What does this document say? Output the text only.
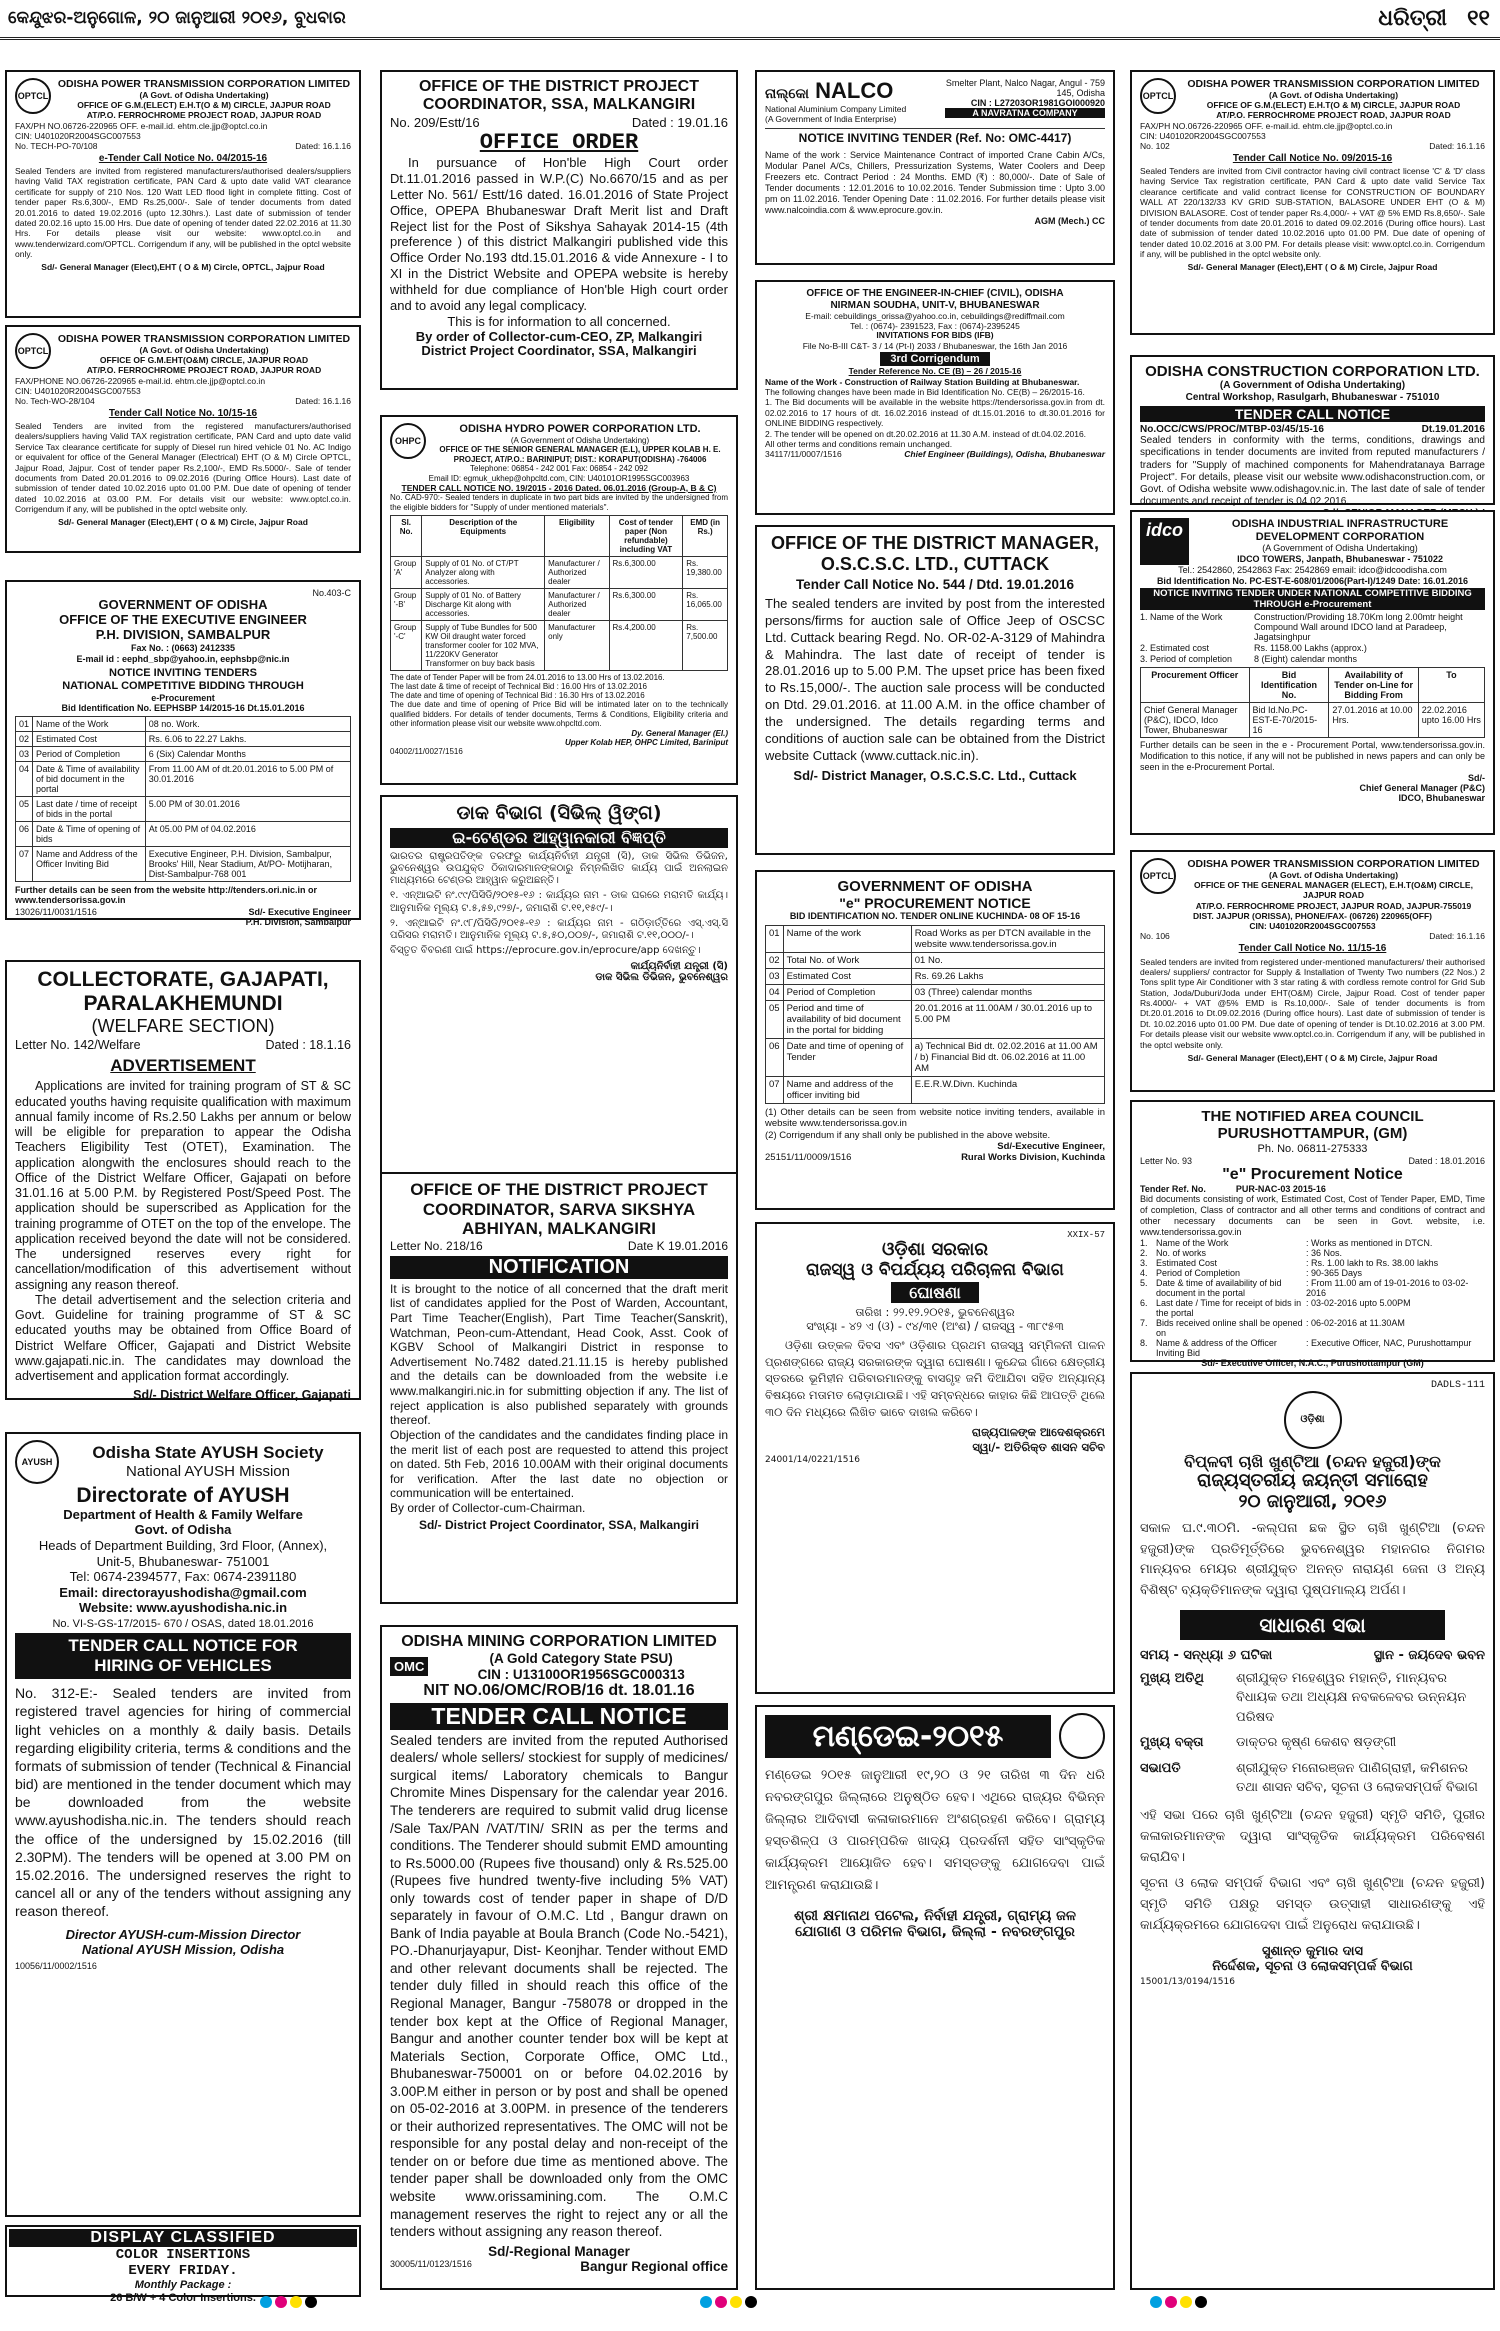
କେନ୍ଦୁଝର-ଅନୁଗୋଳ, ୨୦ ଜାନୁଆରୀ ୨୦୧୬, ବୁଧବାର	ଧରିତ୍ରୀ ୧୧
OPTCL
ODISHA POWER TRANSMISSION CORPORATION LIMITED
(A Govt. of Odisha Undertaking)
OFFICE OF G.M.(ELECT) E.H.T(O & M) CIRCLE, JAJPUR ROAD
AT/P.O. FERROCHROME PROJECT ROAD, JAJPUR ROAD
FAX/PH NO.06726-220965 OFF. e-mail.id. ehtm.cle.jjp@optcl.co.in
CIN: U401020R2004SGC007553
No. TECH-PO-70/108	Dated: 16.1.16
e-Tender Call Notice No. 04/2015-16
Sealed Tenders are invited from registered manufacturers/authorised dealers/suppliers having Valid TAX registration certificate, PAN Card & upto date valid VAT clearance certificate for supply of 210 Nos. 120 Watt LED flood light in complete fitting. Cost of tender paper Rs.6,300/-, EMD Rs.25,000/-. Sale of tender documents from dated 20.01.2016 to dated 19.02.2016 (upto 12.30hrs.). Last date of submission of tender dated 20.02.16 upto 15.00 Hrs. Due date of opening of tender dated 22.02.2016 at 11.30 Hrs. For details please visit our website: www.optcl.co.in and www.tenderwizard.com/OPTCL. Corrigendum if any, will be published in the optcl website only.
Sd/- General Manager (Elect),EHT ( O & M) Circle, OPTCL, Jajpur Road
OPTCL
ODISHA POWER TRANSMISSION CORPORATION LIMITED
(A Govt. of Odisha Undertaking)
OFFICE OF G.M.EHT(O&M) CIRCLE, JAJPUR ROAD
AT/P.O. FERROCHROME PROJECT ROAD, JAJPUR ROAD
FAX/PHONE NO.06726-220965 e-mail.id. ehtm.cle.jjp@optcl.co.in
CIN: U401020R2004SGC007553
No. Tech-WO-28/104	Dated: 16.1.16
Tender Call Notice No. 10/15-16
Sealed Tenders are invited from the registered manufacturers/authorised dealers/suppliers having Valid TAX registration certificate, PAN Card and upto date valid Service Tax clearance certificate for supply of Diesel run hired vehicle 01 No. AC Indigo or equivalent for office of the General Manager (Electrical) EHT (O & M) Circle OPTCL, Jajpur Road, Jajpur. Cost of tender paper Rs.2,100/-, EMD Rs.5000/-. Sale of tender documents from Dated 20.01.2016 to 09.02.2016 (During Office Hours). Last date of submission of tender dated 10.02.2016 upto 01.00 P.M. Due date of opening of tender dated 10.02.2016 at 03.00 P.M. For details visit our website: www.optcl.co.in. Corrigendum if any, will be published in the optcl website only.
Sd/- General Manager (Elect),EHT ( O & M) Circle, Jajpur Road
No.403-C
GOVERNMENT OF ODISHA
OFFICE OF THE EXECUTIVE ENGINEER
P.H. DIVISION, SAMBALPUR
Fax No. : (0663) 2412335
E-mail id : eephd_sbp@yahoo.in, eephsbp@nic.in
NOTICE INVITING TENDERS
NATIONAL COMPETITIVE BIDDING THROUGH
e-Procurement
Bid Identification No. EEPHSBP 14/2015-16 Dt.15.01.2016
01	Name of the Work	08 no. Work.
02	Estimated Cost	Rs. 6.06 to 22.27 Lakhs.
03	Period of Completion	6 (Six) Calendar Months
04	Date & Time of availability of bid document in the portal	From 11.00 AM of dt.20.01.2016 to 5.00 PM of 30.01.2016
05	Last date / time of receipt of bids in the portal	5.00 PM of 30.01.2016
06	Date & Time of opening of bids	At 05.00 PM of 04.02.2016
07	Name and Address of the Officer Inviting Bid	Executive Engineer, P.H. Division, Sambalpur, Brooks' Hill, Near Stadium, At/PO- Motijharan, Dist-Sambalpur-768 001
Further details can be seen from the website http://tenders.ori.nic.in or www.tendersorissa.gov.in
13026/11/0031/1516	Sd/- Executive Engineer
P.H. Division, Sambalpur
COLLECTORATE, GAJAPATI,
PARALAKHEMUNDI
(WELFARE SECTION)
Letter No. 142/Welfare	Dated : 18.1.16
ADVERTISEMENT
Applications are invited for training program of ST & SC educated youths having requisite qualification with maximum annual family income of Rs.2.50 Lakhs per annum or below will be eligible for preparation to appear the Odisha Teachers Eligibility Test (OTET), Examination. The application alongwith the enclosures should reach to the Office of the District Welfare Officer, Gajapati on before 31.01.16 at 5.00 P.M. by Registered Post/Speed Post. The application should be superscribed as Application for the training programme of OTET on the top of the envelope. The application received beyond the date will not be considered. The undersigned reserves every right for cancellation/modification of this advertisement without assigning any reason thereof.
The detail advertisement and the selection criteria and Govt. Guideline for training programme of ST & SC educated youths may be obtained from Office Board of District Welfare Officer, Gajapati and District Website www.gajapati.nic.in. The candidates may download the advertisement and application format accordingly.
Sd/- District Welfare Officer, Gajapati
AYUSH	Odisha State AYUSH Society
National AYUSH Mission
Directorate of AYUSH
Department of Health & Family Welfare
Govt. of Odisha
Heads of Department Building, 3rd Floor, (Annex),
Unit-5, Bhubaneswar- 751001
Tel: 0674-2394577, Fax: 0674-2391180
Email: directorayushodisha@gmail.com
Website: www.ayushodisha.nic.in
No. VI-S-GS-17/2015- 670 / OSAS, dated 18.01.2016
TENDER CALL NOTICE FOR
HIRING OF VEHICLES
No. 312-E:- Sealed tenders are invited from registered travel agencies for hiring of commercial light vehicles on a monthly & daily basis. Details regarding eligibility criteria, terms & conditions and the formats of submission of tender (Technical & Financial bid) are mentioned in the tender document which may be downloaded from the website www.ayushodisha.nic.in. The tenders should reach the office of the undersigned by 15.02.2016 (till 2.30PM). The tenders will be opened at 3.00 PM on 15.02.2016. The undersigned reserves the right to cancel all or any of the tenders without assigning any reason thereof.
Director AYUSH-cum-Mission Director
National AYUSH Mission, Odisha
10056/11/0002/1516
DISPLAY CLASSIFIED
COLOR INSERTIONS
EVERY FRIDAY.
Monthly Package :
26 B/W + 4 Color Insertions.
OFFICE OF THE DISTRICT PROJECT
COORDINATOR, SSA, MALKANGIRI
No. 209/Estt/16	Dated : 19.01.16
OFFICE ORDER
In pursuance of Hon'ble High Court order Dt.11.01.2016 passed in W.P.(C) No.6670/15 and as per Letter No. 561/ Estt/16 dated. 16.01.2016 of State Project Office, OPEPA Bhubaneswar Draft Merit list and Draft Reject list for the Post of Sikshya Sahayak 2014-15 (4th preference ) of this district Malkangiri published vide this Office Order No.193 dtd.15.01.2016 & vide Annexure - I to XI in the District Website and OPEPA website is hereby withheld for due compliance of Hon'ble High court order and to avoid any legal complicacy.
This is for information to all concerned.
By order of Collector-cum-CEO, ZP, Malkangiri
District Project Coordinator, SSA, Malkangiri
OHPC
ODISHA HYDRO POWER CORPORATION LTD.
(A Government of Odisha Undertaking)
OFFICE OF THE SENIOR GENERAL MANAGER (E.L), UPPER KOLAB H. E. PROJECT, AT/P.O.: BARINIPUT; DIST.: KORAPUT(ODISHA) -764006
Telephone: 06854 - 242 001 Fax: 06854 - 242 092
Email ID: egmuk_ukhep@ohpcltd.com, CIN: U40101OR1995SGC003963
TENDER CALL NOTICE NO. 19/2015 - 2016 Dated. 06.01.2016 (Group-A, B & C)
No. CAD-970:- Sealed tenders in duplicate in two part bids are invited by the undersigned from the eligible bidders for "Supply of under mentioned materials".
Sl. No.	Description of the Equipments	Eligibility	Cost of tender paper (Non refundable) including VAT	EMD (in Rs.)
Group 'A'	Supply of 01 No. of CT/PT Analyzer along with accessories.	Manufacturer / Authorized dealer	Rs.6,300.00	Rs. 19,380.00
Group '-B'	Supply of 01 No. of Battery Discharge Kit along with accessories.	Manufacturer / Authorized dealer	Rs.6,300.00	Rs. 16,065.00
Group '-C'	Supply of Tube Bundles for 500 KW Oil draught water forced transformer cooler for 102 MVA, 11/220KV Generator Transformer on buy back basis	Manufacturer only	Rs.4,200.00	Rs. 7,500.00
The date of Tender Paper will be from 24.01.2016 to 13.00 Hrs of 13.02.2016.
The last date & time of receipt of Technical Bid : 16.00 Hrs of 13.02.2016
The date and time of opening of Technical Bid : 16.30 Hrs of 13.02.2016
The due date and time of opening of Price Bid will be intimated later on to the technically qualified bidders. For details of tender documents, Terms & Conditions, Eligibility criteria and other information please visit our website www.ohpcltd.com.
Dy. General Manager (El.)
Upper Kolab HEP, OHPC Limited, Bariniput
04002/11/0027/1516
ଡାକ ବିଭାଗ (ସିଭିଲ୍ ୱିଙ୍ଗ)
ଇ-ଟେଣ୍ଡର ଆହ୍ୱାନକାରୀ ବିଜ୍ଞପ୍ତି
ଭାରତର ରାଷ୍ଟ୍ରପତିଙ୍କ ତରଫରୁ କାର୍ଯ୍ୟନିର୍ବାହୀ ଯନ୍ତ୍ରୀ (ସି), ଡାକ ସିଭିଲ ଡିଭିଜନ, ଭୁବନେଶ୍ୱର ଉପଯୁକ୍ତ ଠିକାଦାରମାନଙ୍କଠାରୁ ନିମ୍ନଲିଖିତ କାର୍ଯ୍ୟ ପାଇଁ ଅନଲାଇନ ମାଧ୍ୟମରେ ଟେଣ୍ଡର ଆହ୍ୱାନ କରୁଅଛନ୍ତି।
୧. ଏନ୍ଆଇଟି ନଂ.୯୯/ପିସିଡି/୨୦୧୫-୧୬ : କାର୍ଯ୍ୟର ନାମ - ଡାକ ଘରରେ ମରାମତି କାର୍ଯ୍ୟ। ଆନୁମାନିକ ମୂଲ୍ୟ ଟ.୫,୫୭,୯୨୭/-, ଜମାରାଶି ଟ.୧୧,୧୫୯/-।
୨. ଏନ୍ଆଇଟି ନଂ.୯୮/ପିସିଡି/୨୦୧୫-୧୬ : କାର୍ଯ୍ୟର ନାମ - ଗଠିଡ଼ାର୍ତ୍ତିରେ ଏସ୍.ଏସ୍.ସି ପରିସର ମରାମତି। ଆନୁମାନିକ ମୂଲ୍ୟ ଟ.୫,୫୦,୦୦୭/-, ଜମାରାଶି ଟ.୧୧,୦୦୦/-।
ବିସ୍ତୃତ ବିବରଣୀ ପାଇଁ https://eprocure.gov.in/eprocure/app ଦେଖନ୍ତୁ।
କାର୍ଯ୍ୟନିର୍ବାହୀ ଯନ୍ତ୍ରୀ (ସି)
ଡାକ ସିଭିଲ ଡିଭିଜନ, ଭୁବନେଶ୍ୱର
OFFICE OF THE DISTRICT PROJECT
COORDINATOR, SARVA SIKSHYA
ABHIYAN, MALKANGIRI
Letter No. 218/16	Date K 19.01.2016
NOTIFICATION
It is brought to the notice of all concerned that the draft merit list of candidates applied for the Post of Warden, Accountant, Part Time Teacher(English), Part Time Teacher(Sanskrit), Watchman, Peon-cum-Attendant, Head Cook, Asst. Cook of KGBV School of Malkangiri District in response to Advertisement No.7482 dated.21.11.15 is hereby published and the details can be downloaded from the website i.e www.malkangiri.nic.in for submitting objection if any. The list of reject application is also published separately with grounds thereof.
Objection of the candidates and the candidates finding place in the merit list of each post are requested to attend this project on dated. 5th Feb, 2016 10.00AM with their original documents for verification. After the last date no objection or communication will be entertained.
By order of Collector-cum-Chairman.
Sd/- District Project Coordinator, SSA, Malkangiri
ODISHA MINING CORPORATION LIMITED
OMC
(A Gold Category State PSU)
CIN : U13100OR1956SGC000313
NIT NO.06/OMC/ROB/16 dt. 18.01.16
TENDER CALL NOTICE
Sealed tenders are invited from the reputed Authorised dealers/ whole sellers/ stockiest for supply of medicines/ surgical items/ Laboratory chemicals to Bangur Chromite Mines Dispensary for the calendar year 2016. The tenderers are required to submit valid drug license /Sale Tax/PAN /VAT/TIN/ SRIN as per the terms and conditions. The Tenderer should submit EMD amounting to Rs.5000.00 (Rupees five thousand) only & Rs.525.00 (Rupees five hundred twenty-five including 5% VAT) only towards cost of tender paper in shape of D/D separately in favour of O.M.C. Ltd , Bangur drawn on Bank of India payable at Boula Branch (Code No.-5421), PO.-Dhanurjayapur, Dist- Keonjhar. Tender without EMD and other relevant documents shall be rejected. The tender duly filled in should reach this office of the Regional Manager, Bangur -758078 or dropped in the tender box kept at the Office of Regional Manager, Bangur and another counter tender box will be kept at Materials Section, Corporate Office, OMC Ltd., Bhubaneswar-750001 on or before 04.02.2016 by 3.00P.M either in person or by post and shall be opened on 05-02-2016 at 3.00PM. in presence of the tenderers or their authorized representatives. The OMC will not be responsible for any postal delay and non-receipt of the tender on or before due time as mentioned above. The tender paper shall be downloaded only from the OMC website www.orissamining.com. The O.M.C management reserves the right to reject any or all the tenders without assigning any reason thereof.
Sd/-Regional Manager
30005/11/0123/1516	Bangur Regional office
ନାଲ୍କୋ NALCO
National Aluminium Company Limited
(A Government of India Enterprise)
Smelter Plant, Nalco Nagar, Angul - 759 145, Odisha
CIN : L27203OR1981GOI000920
A NAVRATNA COMPANY
NOTICE INVITING TENDER (Ref. No: OMC-4417)
Name of the work : Service Maintenance Contract of imported Crane Cabin A/Cs, Modular Panel A/Cs, Chillers, Pressurization Systems, Water Coolers and Deep Freezers etc. Contract Period : 24 Months. EMD (₹) : 80,000/-. Date of Sale of Tender documents : 12.01.2016 to 10.02.2016. Tender Submission time : Upto 3.00 pm on 11.02.2016. Tender Opening Date : 11.02.2016. For further details please visit www.nalcoindia.com & www.eprocure.gov.in.
AGM (Mech.) CC
OFFICE OF THE ENGINEER-IN-CHIEF (CIVIL), ODISHA
NIRMAN SOUDHA, UNIT-V, BHUBANESWAR
E-mail: cebuildings_orissa@yahoo.co.in, cebuildings@rediffmail.com
Tel. : (0674)- 2391523, Fax : (0674)-2395245
INVITATIONS FOR BIDS (IFB)
File No-B-III C&T- 3 / 14 (Pt-I) 2033 / Bhubaneswar, the 16th Jan 2016
3rd Corrigendum
Tender Reference No. CE (B) – 26 / 2015-16
Name of the Work - Construction of Railway Station Building at Bhubaneswar.
The following changes have been made in Bid Identification No. CE(B) – 26/2015-16.
1. The Bid documents will be available in the website https://tendersorissa.gov.in from dt. 02.02.2016 to 17 hours of dt. 16.02.2016 instead of dt.15.01.2016 to dt.30.01.2016 for ONLINE BIDDING respectively.
2. The tender will be opened on dt.20.02.2016 at 11.30 A.M. instead of dt.04.02.2016.
All other terms and conditions remain unchanged.
34117/11/0007/1516	Chief Engineer (Buildings), Odisha, Bhubaneswar
OFFICE OF THE DISTRICT MANAGER,
O.S.C.S.C. LTD., CUTTACK
Tender Call Notice No. 544 / Dtd. 19.01.2016
The sealed tenders are invited by post from the interested persons/firms for auction sale of Office Jeep of OSCSC Ltd. Cuttack bearing Regd. No. OR-02-A-3129 of Mahindra & Mahindra. The last date of receipt of tender is 28.01.2016 up to 5.00 P.M. The upset price has been fixed to Rs.15,000/-. The auction sale process will be conducted on Dtd. 29.01.2016. at 11.00 A.M. in the office chamber of the undersigned. The details regarding terms and conditions of auction sale can be obtained from the District website Cuttack (www.cuttack.nic.in).
Sd/- District Manager, O.S.C.S.C. Ltd., Cuttack
GOVERNMENT OF ODISHA
"e" PROCUREMENT NOTICE
BID IDENTIFICATION NO. TENDER ONLINE KUCHINDA- 08 OF 15-16
01	Name of the work	Road Works as per DTCN available in the website www.tendersorissa.gov.in
02	Total No. of Work	01 No.
03	Estimated Cost	Rs. 69.26 Lakhs
04	Period of Completion	03 (Three) calendar months
05	Period and time of availability of bid document in the portal for bidding	20.01.2016 at 11.00AM / 30.01.2016 up to 5.00 PM
06	Date and time of opening of Tender	a) Technical Bid dt. 02.02.2016 at 11.00 AM / b) Financial Bid dt. 06.02.2016 at 11.00 AM
07	Name and address of the officer inviting bid	E.E.R.W.Divn. Kuchinda
(1) Other details can be seen from website notice inviting tenders, available in website www.tendersorissa.gov.in
(2) Corrigendum if any shall only be published in the above website.
Sd/-Executive Engineer,
25151/11/0009/1516	Rural Works Division, Kuchinda
XXIX-57
ଓଡ଼ିଶା ସରକାର
ରାଜସ୍ୱ ଓ ବିପର୍ଯ୍ୟୟ ପରିଚାଳନା ବିଭାଗ
ଘୋଷଣା
ତାରିଖ : ୨୨.୧୨.୨୦୧୫, ଭୁବନେଶ୍ୱର
ସଂଖ୍ୟା - ୪୨ ଏ (ଓ) - ୯୪/୩୧ (ଅଂଶ) / ରାଜସ୍ୱ - ୩୮୯୫୩
ଓଡ଼ିଶା ଉତ୍କଳ ଦିବସ ଏବଂ ଓଡ଼ିଶାର ପ୍ରଥମ ରାଜସ୍ୱ ସମ୍ମିଳନୀ ପାଳନ ପ୍ରଶଙ୍ଗରେ ରାଜ୍ୟ ସରକାରଙ୍କ ଦ୍ୱାରା ଘୋଷଣା। କୁନ୍ଦେଇ ଗାଁରେ କ୍ଷେତ୍ରୀୟ ସ୍ତରରେ ଭୂମିହୀନ ପରିବାରମାନଙ୍କୁ ବାସଗୃହ ଜମି ଦିଆଯିବା ସହିତ ଅନ୍ୟାନ୍ୟ ବିଷୟରେ ମତାମତ ଲୋଡ଼ାଯାଉଛି। ଏହି ସମ୍ବନ୍ଧରେ କାହାର କିଛି ଆପତ୍ତି ଥିଲେ ୩୦ ଦିନ ମଧ୍ୟରେ ଲିଖିତ ଭାବେ ଦାଖଲ କରିବେ।
ରାଜ୍ୟପାଳଙ୍କ ଆଦେଶକ୍ରମେ
ସ୍ୱା/- ଅତିରିକ୍ତ ଶାସନ ସଚିବ
24001/14/0221/1516
ମଣ୍ଡେଇ-୨୦୧୫
ମଣ୍ଡେଇ ୨୦୧୫ ଜାନୁଆରୀ ୧୯,୨୦ ଓ ୨୧ ତାରିଖ ୩ ଦିନ ଧରି ନବରଙ୍ଗପୁର ଜିଲ୍ଲାରେ ଅନୁଷ୍ଠିତ ହେବ। ଏଥିରେ ରାଜ୍ୟର ବିଭିନ୍ନ ଜିଲ୍ଲାର ଆଦିବାସୀ କଳାକାରମାନେ ଅଂଶଗ୍ରହଣ କରିବେ। ଗ୍ରାମ୍ୟ ହସ୍ତଶିଳ୍ପ ଓ ପାରମ୍ପରିକ ଖାଦ୍ୟ ପ୍ରଦର୍ଶନୀ ସହିତ ସାଂସ୍କୃତିକ କାର୍ଯ୍ୟକ୍ରମ ଆୟୋଜିତ ହେବ। ସମସ୍ତଙ୍କୁ ଯୋଗଦେବା ପାଇଁ ଆମନ୍ତ୍ରଣ କରାଯାଉଛି।
ଶ୍ରୀ କ୍ଷମାନାଥ ପଟେଲ, ନିର୍ବାହୀ ଯନ୍ତ୍ରୀ, ଗ୍ରାମ୍ୟ ଜଳ
ଯୋଗାଣ ଓ ପରିମଳ ବିଭାଗ, ଜିଲ୍ଲା - ନବରଙ୍ଗପୁର
OPTCL
ODISHA POWER TRANSMISSION CORPORATION LIMITED
(A Govt. of Odisha Undertaking)
OFFICE OF G.M.(ELECT) E.H.T(O & M) CIRCLE, JAJPUR ROAD
AT/P.O. FERROCHROME PROJECT ROAD, JAJPUR ROAD
FAX/PH NO.06726-220965 OFF. e-mail.id. ehtm.cle.jjp@optcl.co.in
CIN: U401020R2004SGC007553
No. 102	Dated: 16.1.16
Tender Call Notice No. 09/2015-16
Sealed Tenders are invited from Civil contractor having civil contract license 'C' & 'D' class having Service Tax registration certificate, PAN Card & upto date valid Service Tax clearance certificate and valid contract license for CONSTRUCTION OF BOUNDARY WALL AT 220/132/33 KV GRID SUB-STATION, BALASORE UNDER EHT (O & M) DIVISION BALASORE. Cost of tender paper Rs.4,000/- + VAT @ 5% EMD Rs.8,650/-. Sale of tender documents from date 20.01.2016 to dated 09.02.2016 (During office hours). Last date of submission of tender dated 10.02.2016 upto 01.00 PM. Due date of opening of tender dated 10.02.2016 at 3.00 PM. For details please visit: www.optcl.co.in. Corrigendum if any, will be published in the optcl website only.
Sd/- General Manager (Elect),EHT ( O & M) Circle, Jajpur Road
ODISHA CONSTRUCTION CORPORATION LTD.
(A Government of Odisha Undertaking)
Central Workshop, Rasulgarh, Bhubaneswar - 751010
TENDER CALL NOTICE
No.OCC/CWS/PROC/MTBP-03/45/15-16	Dt.19.01.2016
Sealed tenders in conformity with the terms, conditions, drawings and specifications in tender documents are invited from reputed manufacturers / traders for "Supply of machined components for Mahendratanaya Barrage Project". For details, please visit our website www.odishaconstruction.com, or Govt. of Odisha website www.odishagov.nic.in. The last date of sale of tender documents and receipt of tender is 04.02.2016.
idco	ODISHA INDUSTRIAL INFRASTRUCTURE DEVELOPMENT CORPORATION
(A Government of Odisha Undertaking)
IDCO TOWERS, Janpath, Bhubaneswar - 751022
Tel.: 2542860, 2542863 Fax: 2542869 email: idco@idcoodisha.com
Bid Identification No. PC-EST-E-608/01/2006(Part-I)/1249 Date: 16.01.2016
NOTICE INVITING TENDER UNDER NATIONAL COMPETITIVE BIDDING THROUGH e-Procurement
1. Name of the Work	Construction/Providing 18.70Km long 2.00mtr height Compound Wall around IDCO land at Paradeep, Jagatsinghpur
2. Estimated cost	Rs. 1158.00 Lakhs (approx.)
3. Period of completion	8 (Eight) calendar months
Procurement Officer	Bid Identification No.	Availability of Tender on-Line for Bidding From	To
Chief General Manager (P&C), IDCO, Idco Tower, Bhubaneswar	Bid Id.No.PC-EST-E-70/2015-16	27.01.2016 at 10.00 Hrs.	22.02.2016 upto 16.00 Hrs
Further details can be seen in the e - Procurement Portal, www.tendersorissa.gov.in. Modification to this notice, if any will not be published in news papers and can only be seen in the e-Procurement Portal.
Sd/-
Chief General Manager (P&C)
IDCO, Bhubaneswar
OPTCL
ODISHA POWER TRANSMISSION CORPORATION LIMITED
(A Govt. of Odisha Undertaking)
OFFICE OF THE GENERAL MANAGER (ELECT), E.H.T(O&M) CIRCLE, JAJPUR ROAD
AT/P.O. FERROCHROME PROJECT, JAJPUR ROAD, JAJPUR-755019
DIST. JAJPUR (ORISSA), PHONE/FAX- (06726) 220965(OFF)
CIN: U401020R2004SGC007553
No. 106	Dated: 16.1.16
Tender Call Notice No. 11/15-16
Sealed tenders are invited from registered under-mentioned manufacturers/ their authorised dealers/ suppliers/ contractor for Supply & Installation of Twenty Two numbers (22 Nos.) 2 Tons split type Air Conditioner with 3 star rating & with cordless remote control for Grid Sub Station, Joda/Duburi/Joda under EHT(O&M) Circle, Jajpur Road. Cost of tender paper Rs.4000/- + VAT @5% EMD is Rs.10,000/-. Sale of tender documents is from Dt.20.01.2016 to Dt.09.02.2016 (During office hours). Last date of submission of tender is Dt. 10.02.2016 upto 01.00 PM. Due date of opening of tender is Dt.10.02.2016 at 3.00 PM. For details please visit our website www.optcl.co.in. Corrigendum if any, will be published in the optcl website only.
Sd/- General Manager (Elect),EHT ( O & M) Circle, Jajpur Road
THE NOTIFIED AREA COUNCIL
PURUSHOTTAMPUR, (GM)
Ph. No. 06811-275333
Letter No. 93	Dated : 18.01.2016
"e" Procurement Notice
Tender Ref. No.	PUR-NAC-03 2015-16
Bid documents consisting of work, Estimated Cost, Cost of Tender Paper, EMD, Time of completion, Class of contractor and all other terms and conditions of contract and other necessary documents can be seen in Govt. website, i.e. www.tendersorissa.gov.in
1. Name of the Work	: Works as mentioned in DTCN.
2. No. of works	: 36 Nos.
3. Estimated Cost	: Rs. 1.00 lakh to Rs. 38.00 lakhs
4. Period of Completion	: 90-365 Days
5. Date & time of availability of bid document in the portal
: From 11.00 am of 19-01-2016 to 03-02-2016
6. Last date / Time for receipt of bids in the portal
: 03-02-2016 upto 5.00PM
7. Bids received online shall be opened on
: 06-02-2016 at 11.30AM
8. Name & address of the Officer Inviting Bid
: Executive Officer, NAC, Purushottampur
Sd/- Executive Officer, N.A.C., Purushottampur (GM)
DADLS-111
ଓଡ଼ିଶା
ବିପ୍ଳବୀ ଚାଖି ଖୁଣ୍ଟିଆ (ଚନ୍ଦନ ହଜୁରୀ)ଙ୍କ
ରାଜ୍ୟସ୍ତରୀୟ ଜୟନ୍ତୀ ସମାରୋହ
୨୦ ଜାନୁଆରୀ, ୨୦୧୬
ସକାଳ ଘ.୯.୩୦ମି. -କଲ୍ପନା ଛକ ସ୍ଥିତ ଚାଖି ଖୁଣ୍ଟିଆ (ଚନ୍ଦନ ହଜୁରୀ)ଙ୍କ ପ୍ରତିମୂର୍ତ୍ତିରେ ଭୁବନେଶ୍ୱର ମହାନଗର ନିଗମର ମାନ୍ୟବର ମେୟର ଶ୍ରୀଯୁକ୍ତ ଅନନ୍ତ ନାରାୟଣ ଜେନା ଓ ଅନ୍ୟ ବିଶିଷ୍ଟ ବ୍ୟକ୍ତିମାନଙ୍କ ଦ୍ୱାରା ପୁଷ୍ପମାଲ୍ୟ ଅର୍ପଣ।
ସାଧାରଣ ସଭା
ସମୟ - ସନ୍ଧ୍ୟା ୬ ଘଟିକା	ସ୍ଥାନ - ଜୟଦେବ ଭବନ
ମୁଖ୍ୟ ଅତିଥି	ଶ୍ରୀଯୁକ୍ତ ମହେଶ୍ୱର ମହାନ୍ତି, ମାନ୍ୟବର ବିଧାୟକ ତଥା ଅଧ୍ୟକ୍ଷ ନବକଳେବର ଉନ୍ନୟନ ପରିଷଦ
ମୁଖ୍ୟ ବକ୍ତା	ଡାକ୍ତର କୃଷ୍ଣ କେଶବ ଷଡ଼ଙ୍ଗୀ
ସଭାପତି	ଶ୍ରୀଯୁକ୍ତ ମନୋରଞ୍ଜନ ପାଣିଗ୍ରାହୀ, କମିଶନର ତଥା ଶାସନ ସଚିବ, ସୂଚନା ଓ ଲୋକସମ୍ପର୍କ ବିଭାଗ
ଏହି ସଭା ପରେ ଚାଖି ଖୁଣ୍ଟିଆ (ଚନ୍ଦନ ହଜୁରୀ) ସ୍ମୃତି ସମିତି, ପୁରୀର କଳାକାରମାନଙ୍କ ଦ୍ୱାରା ସାଂସ୍କୃତିକ କାର୍ଯ୍ୟକ୍ରମ ପରିବେଷଣ କରାଯିବ।
ସୂଚନା ଓ ଲୋକ ସମ୍ପର୍କ ବିଭାଗ ଏବଂ ଚାଖି ଖୁଣ୍ଟିଆ (ଚନ୍ଦନ ହଜୁରୀ) ସ୍ମୃତି ସମିତି ପକ୍ଷରୁ ସମସ୍ତ ଉତ୍ସାହୀ ସାଧାରଣଙ୍କୁ ଏହି କାର୍ଯ୍ୟକ୍ରମରେ ଯୋଗଦେବା ପାଇଁ ଅନୁରୋଧ କରାଯାଉଛି।
ସୁଶାନ୍ତ କୁମାର ଦାସ
ନିର୍ଦ୍ଦେଶକ, ସୂଚନା ଓ ଲୋକସମ୍ପର୍କ ବିଭାଗ
15001/13/0194/1516
